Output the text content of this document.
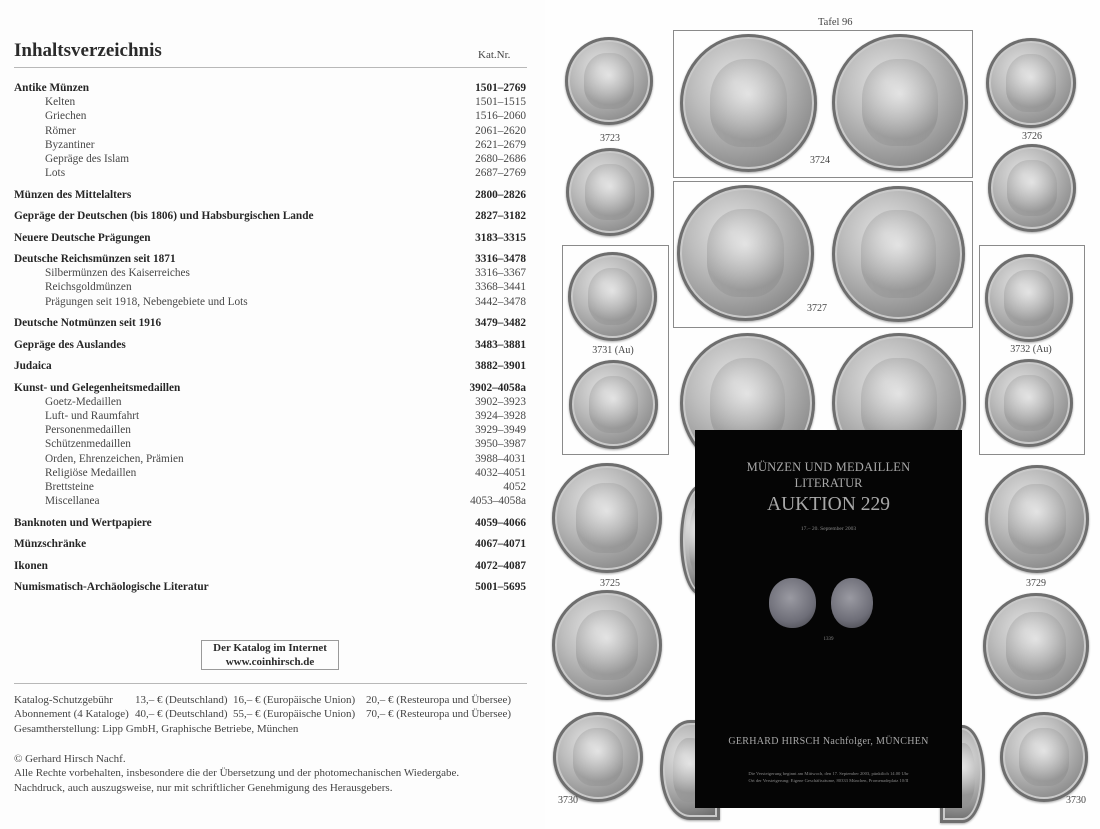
Inhaltsverzeichnis	Kat.Nr.
Antike Münzen	1501–2769
Kelten	1501–1515
Griechen	1516–2060
Römer	2061–2620
Byzantiner	2621–2679
Gepräge des Islam	2680–2686
Lots	2687–2769
Münzen des Mittelalters	2800–2826
Gepräge der Deutschen (bis 1806) und Habsburgischen Lande	2827–3182
Neuere Deutsche Prägungen	3183–3315
Deutsche Reichsmünzen seit 1871	3316–3478
Silbermünzen des Kaiserreiches	3316–3367
Reichsgoldmünzen	3368–3441
Prägungen seit 1918, Nebengebiete und Lots	3442–3478
Deutsche Notmünzen seit 1916	3479–3482
Gepräge des Auslandes	3483–3881
Judaica	3882–3901
Kunst- und Gelegenheitsmedaillen	3902–4058a
Goetz-Medaillen	3902–3923
Luft- und Raumfahrt	3924–3928
Personenmedaillen	3929–3949
Schützenmedaillen	3950–3987
Orden, Ehrenzeichen, Prämien	3988–4031
Religiöse Medaillen	4032–4051
Brettsteine	4052
Miscellanea	4053–4058a
Banknoten und Wertpapiere	4059–4066
Münzschränke	4067–4071
Ikonen	4072–4087
Numismatisch-Archäologische Literatur	5001–5695
Der Katalog im Internet
www.coinhirsch.de
Katalog-Schutzgebühr	13,– € (Deutschland) 16,– € (Europäische Union) 20,– € (Resteuropa und Übersee)
Abonnement (4 Kataloge) 40,– € (Deutschland) 55,– € (Europäische Union) 70,– € (Resteuropa und Übersee)
Gesamtherstellung: Lipp GmbH, Graphische Betriebe, München
© Gerhard Hirsch Nachf.
Alle Rechte vorbehalten, insbesondere die der Übersetzung und der photomechanischen Wiedergabe.
Nachdruck, auch auszugsweise, nur mit schriftlicher Genehmigung des Herausgebers.
Tafel 96
3723
3724
3726
3727
3731 (Au)	3732 (Au)
3725	3729
3730	3730
MÜNZEN UND MEDAILLEN
LITERATUR
AUKTION 229
17.– 20. September 2003
1339
GERHARD HIRSCH Nachfolger, MÜNCHEN
Die Versteigerung beginnt am Mittwoch, den 17. September 2003, pünktlich 14.00 Uhr
Ort der Versteigerung: Eigene Geschäftsräume, 80333 München, Promenadeplatz 10/II
